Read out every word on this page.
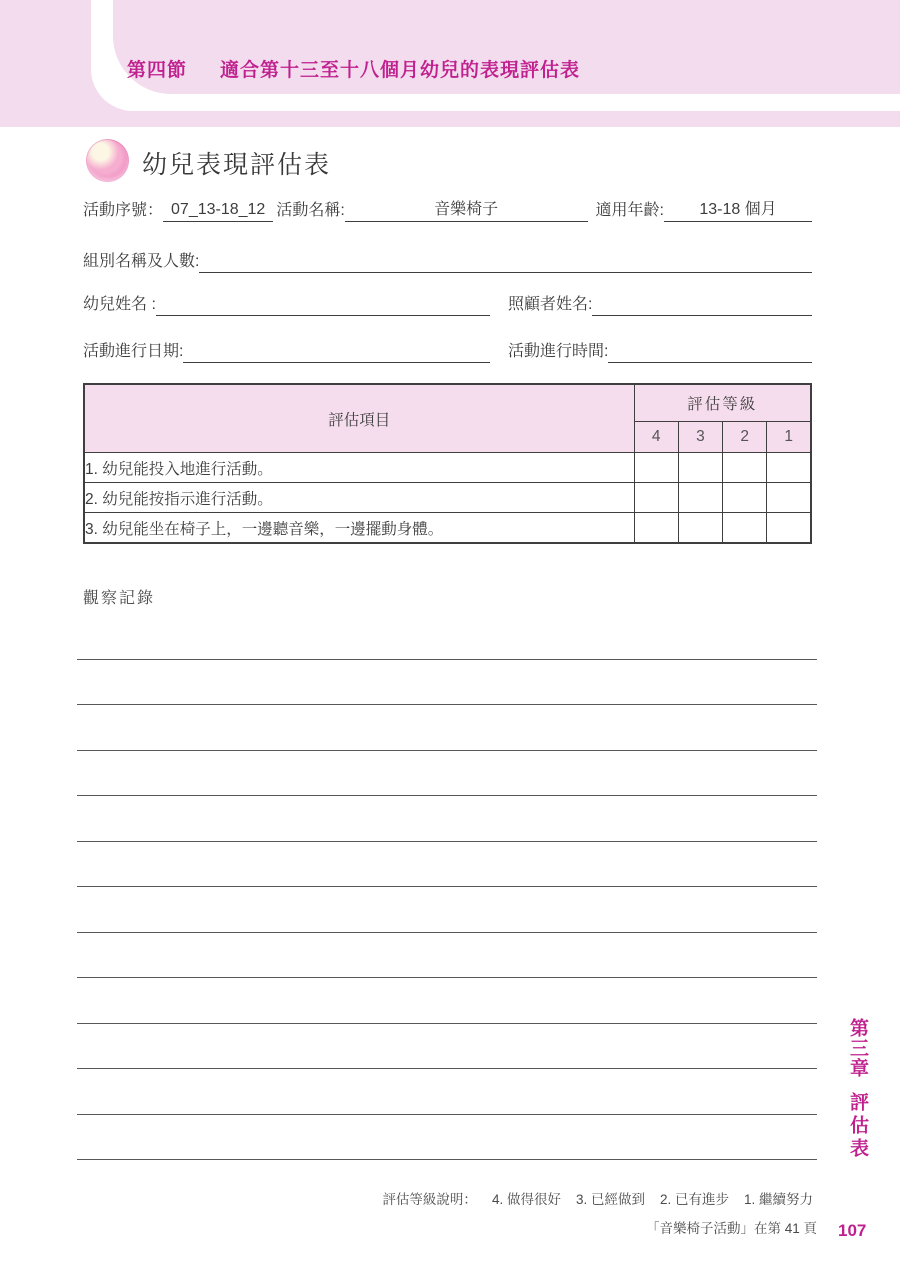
第四節 適合第十三至十八個月幼兒的表現評估表
幼兒表現評估表
活動序號： 07_13-18_12 活動名稱:	音樂椅子	適用年齡:	13-18 個月
組別名稱及人數:
幼兒姓名 :	照顧者姓名:
活動進行日期:	活動進行時間:
評估項目	評估等級			
	4	3	2	1
1. 幼兒能投入地進行活動。				
2. 幼兒能按指示進行活動。				
3. 幼兒能坐在椅子上，一邊聽音樂，一邊擺動身體。				
觀察記錄
第三章
評估表
評估等級說明： 4. 做得很好 3. 已經做到 2. 已有進步 1. 繼續努力
「音樂椅子活動」在第 41 頁 107
